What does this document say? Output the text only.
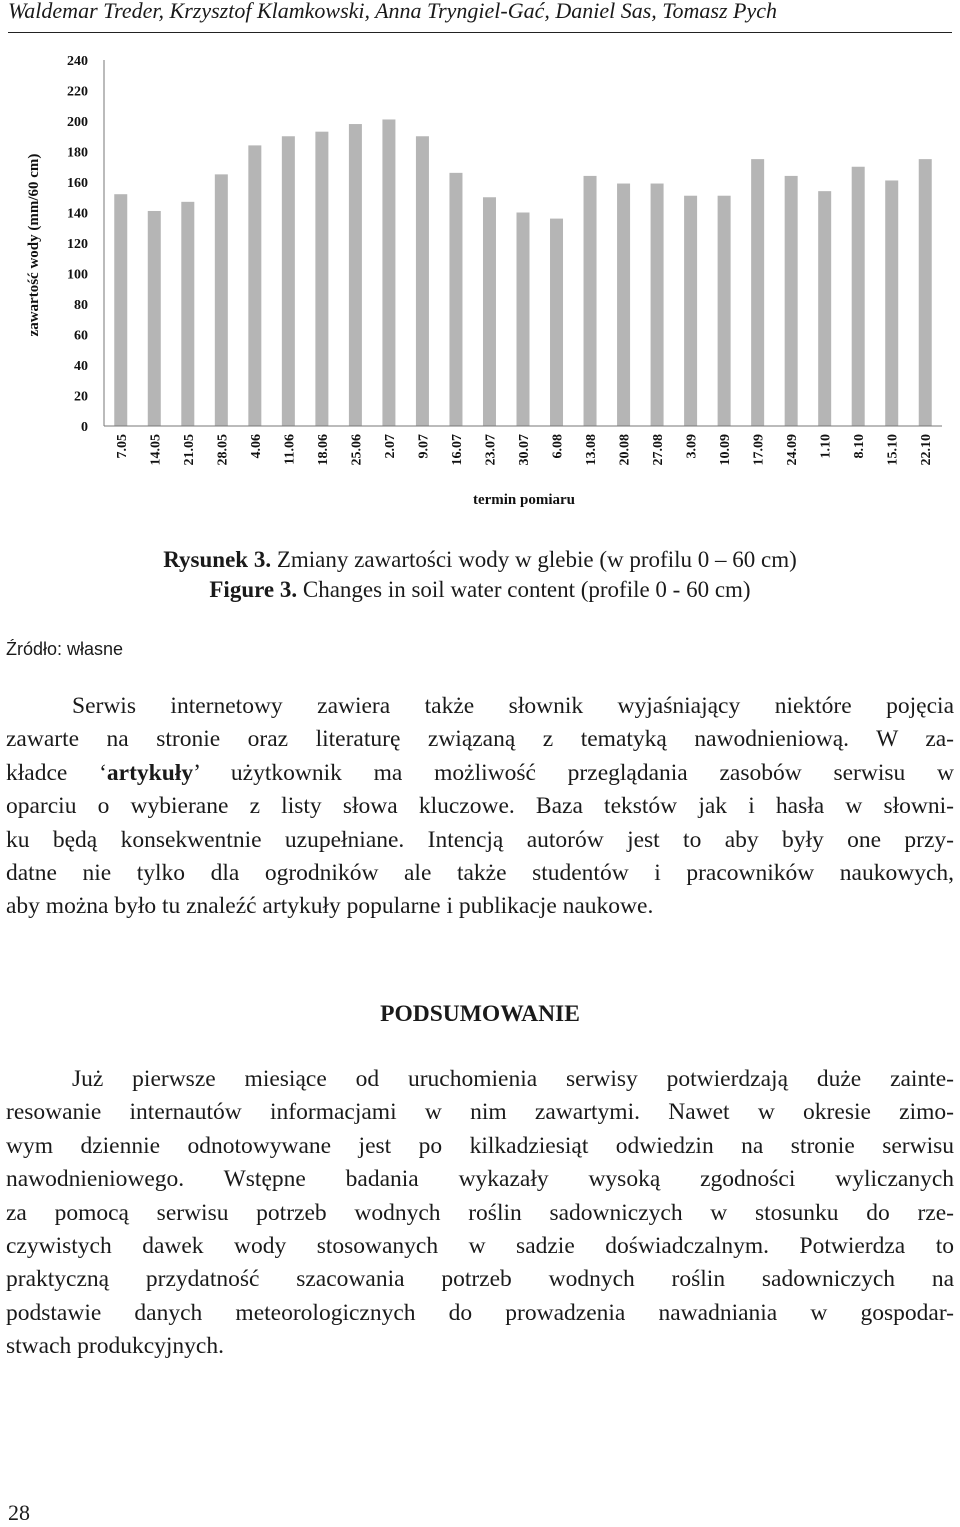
Waldemar Treder, Krzysztof Klamkowski, Anna Tryngiel-Gać, Daniel Sas, Tomasz Pych
0
20
40
60
80
100
120
140
160
180
200
220
240
7.05 14.05 21.05 28.05 4.06 11.06 18.06 25.06 2.07 9.07 16.07 23.07 30.07 6.08 13.08 20.08 27.08 3.09 10.09 17.09 24.09 1.10 8.10 15.10 22.10
zawartość wody (mm/60 cm)
termin pomiaru
Rysunek 3. Zmiany zawartości wody w glebie (w profilu 0 – 60 cm)
Figure 3. Changes in soil water content (profile 0 - 60 cm)
Źródło: własne
Serwis internetowy zawiera także słownik wyjaśniający niektóre pojęcia
zawarte na stronie oraz literaturę związaną z tematyką nawodnieniową. W za-
kładce ‘artykuły’ użytkownik ma możliwość przeglądania zasobów serwisu w
oparciu o wybierane z listy słowa kluczowe. Baza tekstów jak i hasła w słowni-
ku będą konsekwentnie uzupełniane. Intencją autorów jest to aby były one przy-
datne nie tylko dla ogrodników ale także studentów i pracowników naukowych,
aby można było tu znaleźć artykuły popularne i publikacje naukowe.
PODSUMOWANIE
Już pierwsze miesiące od uruchomienia serwisy potwierdzają duże zainte-
resowanie internautów informacjami w nim zawartymi. Nawet w okresie zimo-
wym dziennie odnotowywane jest po kilkadziesiąt odwiedzin na stronie serwisu
nawodnieniowego. Wstępne badania wykazały wysoką zgodności wyliczanych
za pomocą serwisu potrzeb wodnych roślin sadowniczych w stosunku do rze-
czywistych dawek wody stosowanych w sadzie doświadczalnym. Potwierdza to
praktyczną przydatność szacowania potrzeb wodnych roślin sadowniczych na
podstawie danych meteorologicznych do prowadzenia nawadniania w gospodar-
stwach produkcyjnych.
28
